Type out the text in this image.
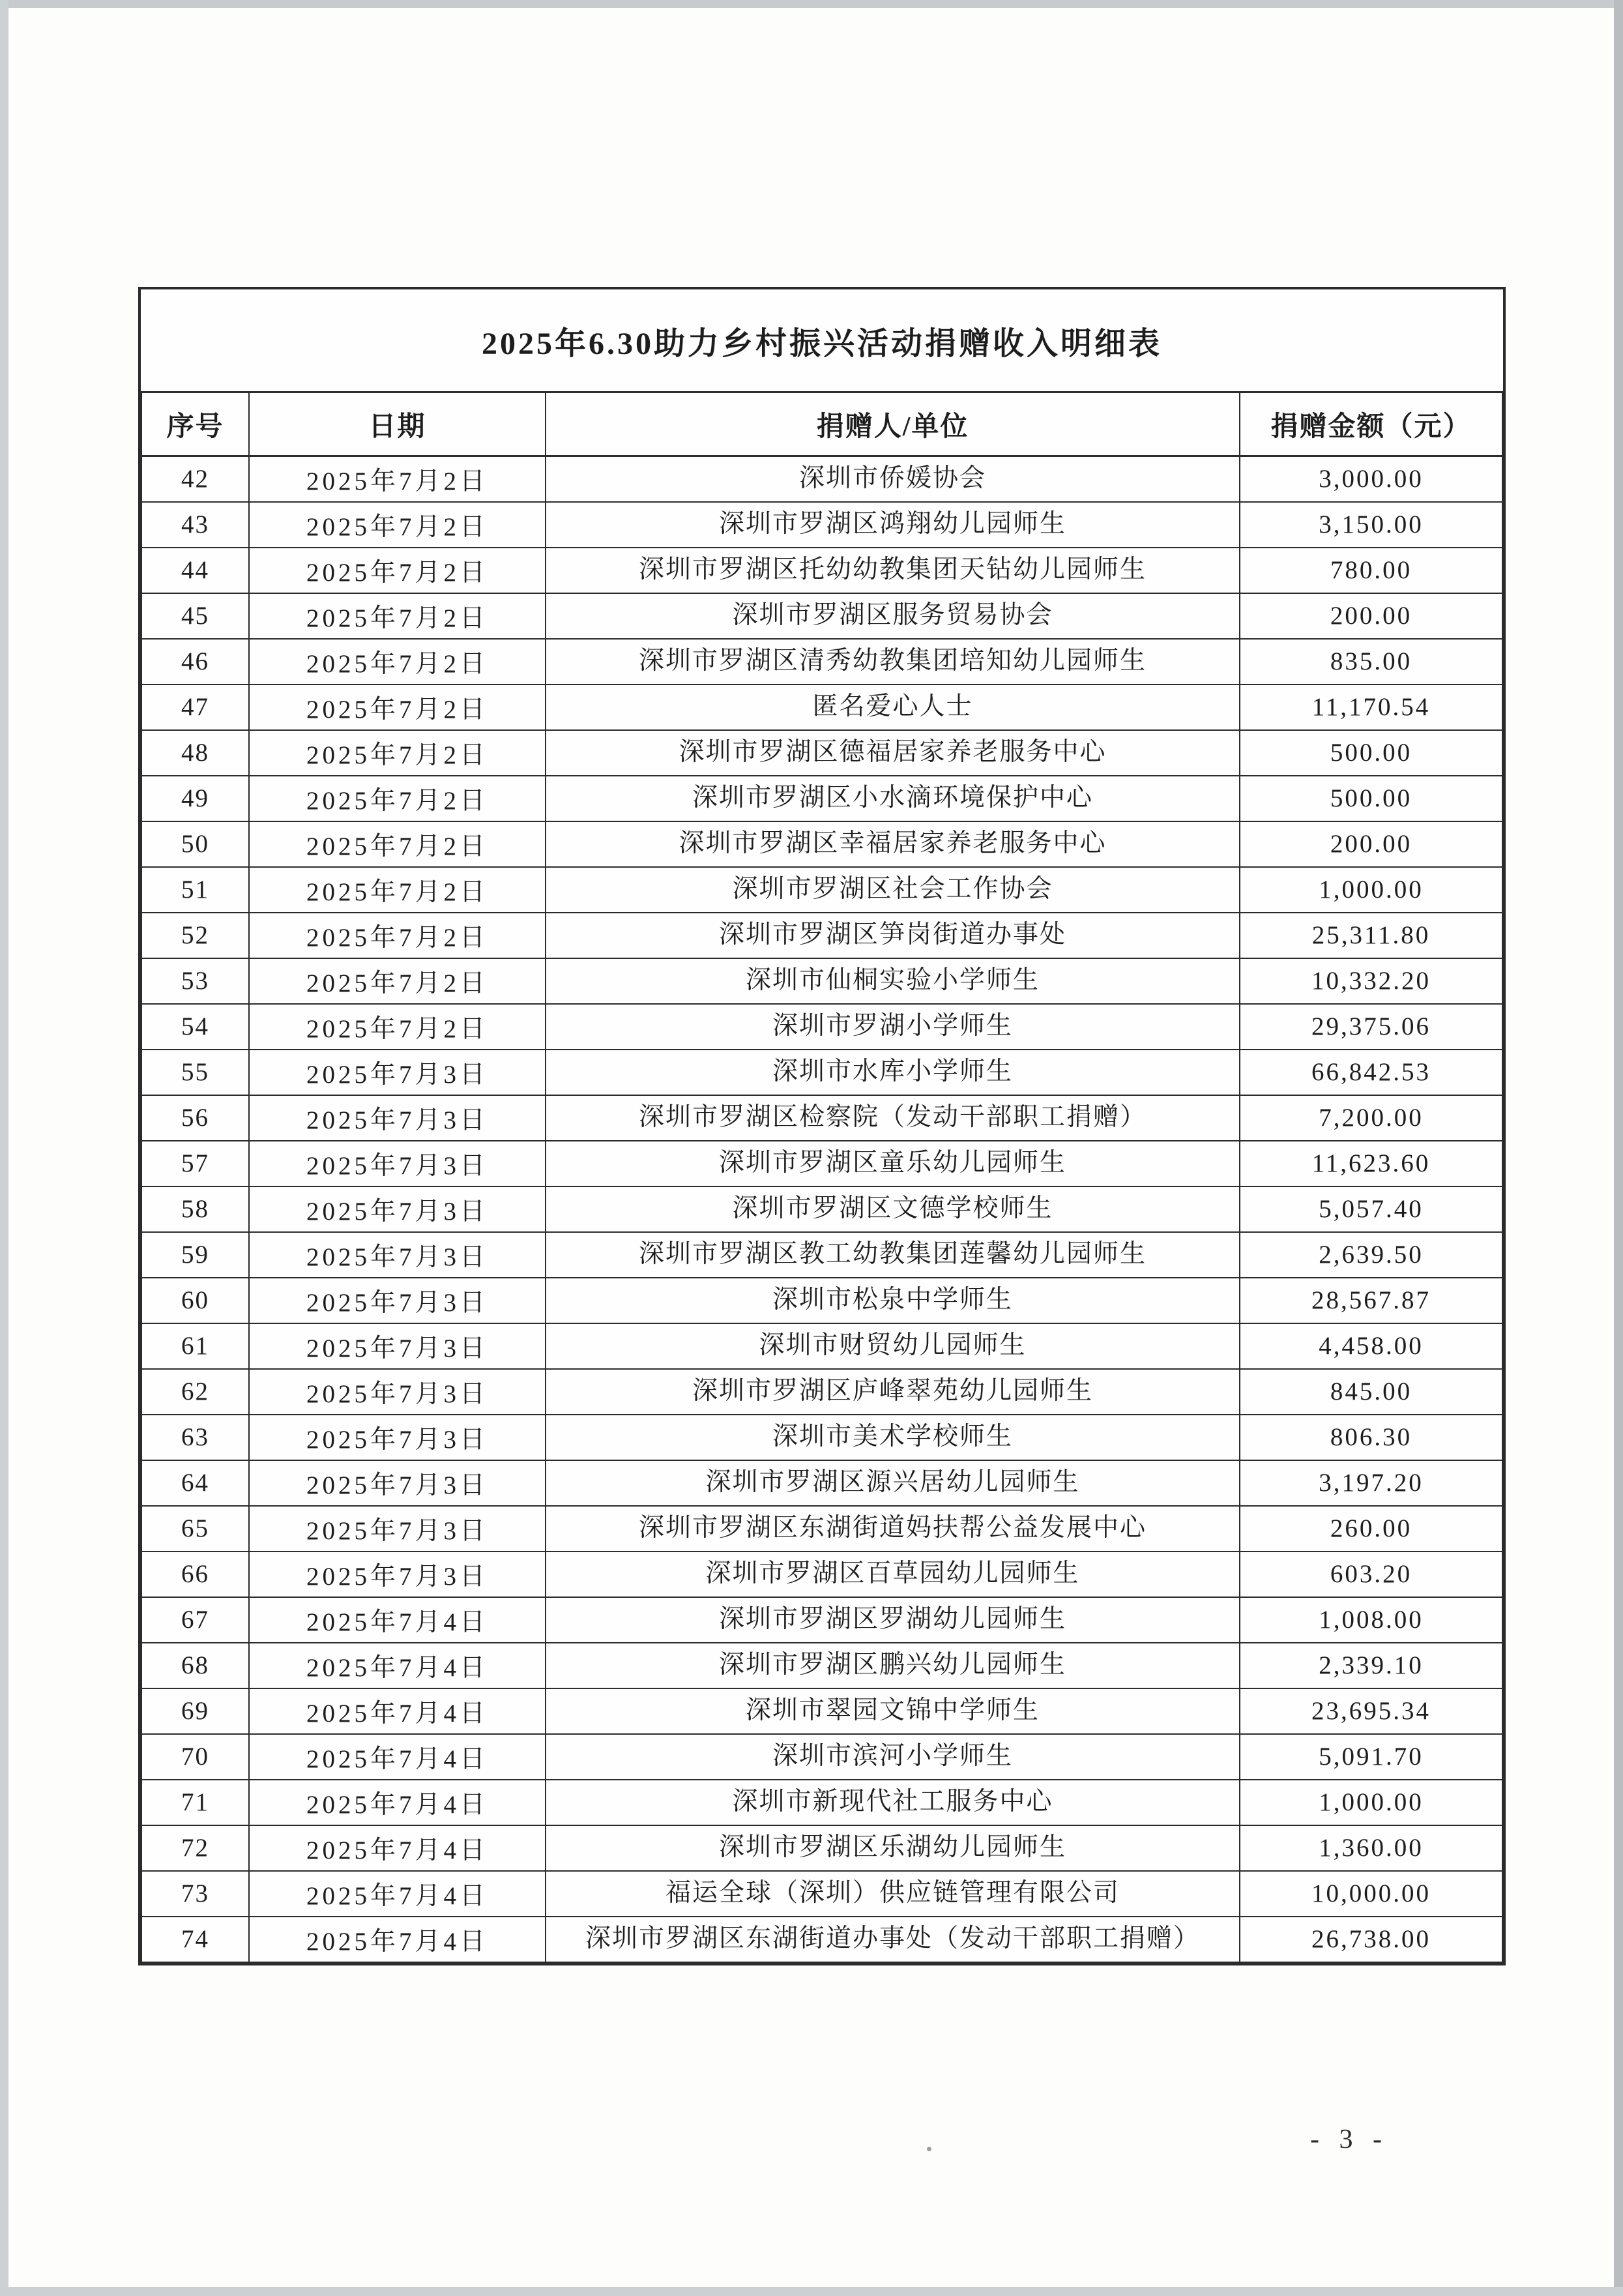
2025年6.30助力乡村振兴活动捐赠收入明细表
序号	日期	捐赠人/单位	捐赠金额（元）
42	2025年7月2日	深圳市侨媛协会	3,000.00
43	2025年7月2日	深圳市罗湖区鸿翔幼儿园师生	3,150.00
44	2025年7月2日	深圳市罗湖区托幼幼教集团天钻幼儿园师生	780.00
45	2025年7月2日	深圳市罗湖区服务贸易协会	200.00
46	2025年7月2日	深圳市罗湖区清秀幼教集团培知幼儿园师生	835.00
47	2025年7月2日	匿名爱心人士	11,170.54
48	2025年7月2日	深圳市罗湖区德福居家养老服务中心	500.00
49	2025年7月2日	深圳市罗湖区小水滴环境保护中心	500.00
50	2025年7月2日	深圳市罗湖区幸福居家养老服务中心	200.00
51	2025年7月2日	深圳市罗湖区社会工作协会	1,000.00
52	2025年7月2日	深圳市罗湖区笋岗街道办事处	25,311.80
53	2025年7月2日	深圳市仙桐实验小学师生	10,332.20
54	2025年7月2日	深圳市罗湖小学师生	29,375.06
55	2025年7月3日	深圳市水库小学师生	66,842.53
56	2025年7月3日	深圳市罗湖区检察院（发动干部职工捐赠）	7,200.00
57	2025年7月3日	深圳市罗湖区童乐幼儿园师生	11,623.60
58	2025年7月3日	深圳市罗湖区文德学校师生	5,057.40
59	2025年7月3日	深圳市罗湖区教工幼教集团莲馨幼儿园师生	2,639.50
60	2025年7月3日	深圳市松泉中学师生	28,567.87
61	2025年7月3日	深圳市财贸幼儿园师生	4,458.00
62	2025年7月3日	深圳市罗湖区庐峰翠苑幼儿园师生	845.00
63	2025年7月3日	深圳市美术学校师生	806.30
64	2025年7月3日	深圳市罗湖区源兴居幼儿园师生	3,197.20
65	2025年7月3日	深圳市罗湖区东湖街道妈扶帮公益发展中心	260.00
66	2025年7月3日	深圳市罗湖区百草园幼儿园师生	603.20
67	2025年7月4日	深圳市罗湖区罗湖幼儿园师生	1,008.00
68	2025年7月4日	深圳市罗湖区鹏兴幼儿园师生	2,339.10
69	2025年7月4日	深圳市翠园文锦中学师生	23,695.34
70	2025年7月4日	深圳市滨河小学师生	5,091.70
71	2025年7月4日	深圳市新现代社工服务中心	1,000.00
72	2025年7月4日	深圳市罗湖区乐湖幼儿园师生	1,360.00
73	2025年7月4日	福运全球（深圳）供应链管理有限公司	10,000.00
74	2025年7月4日	深圳市罗湖区东湖街道办事处（发动干部职工捐赠）	26,738.00
- 3 -
